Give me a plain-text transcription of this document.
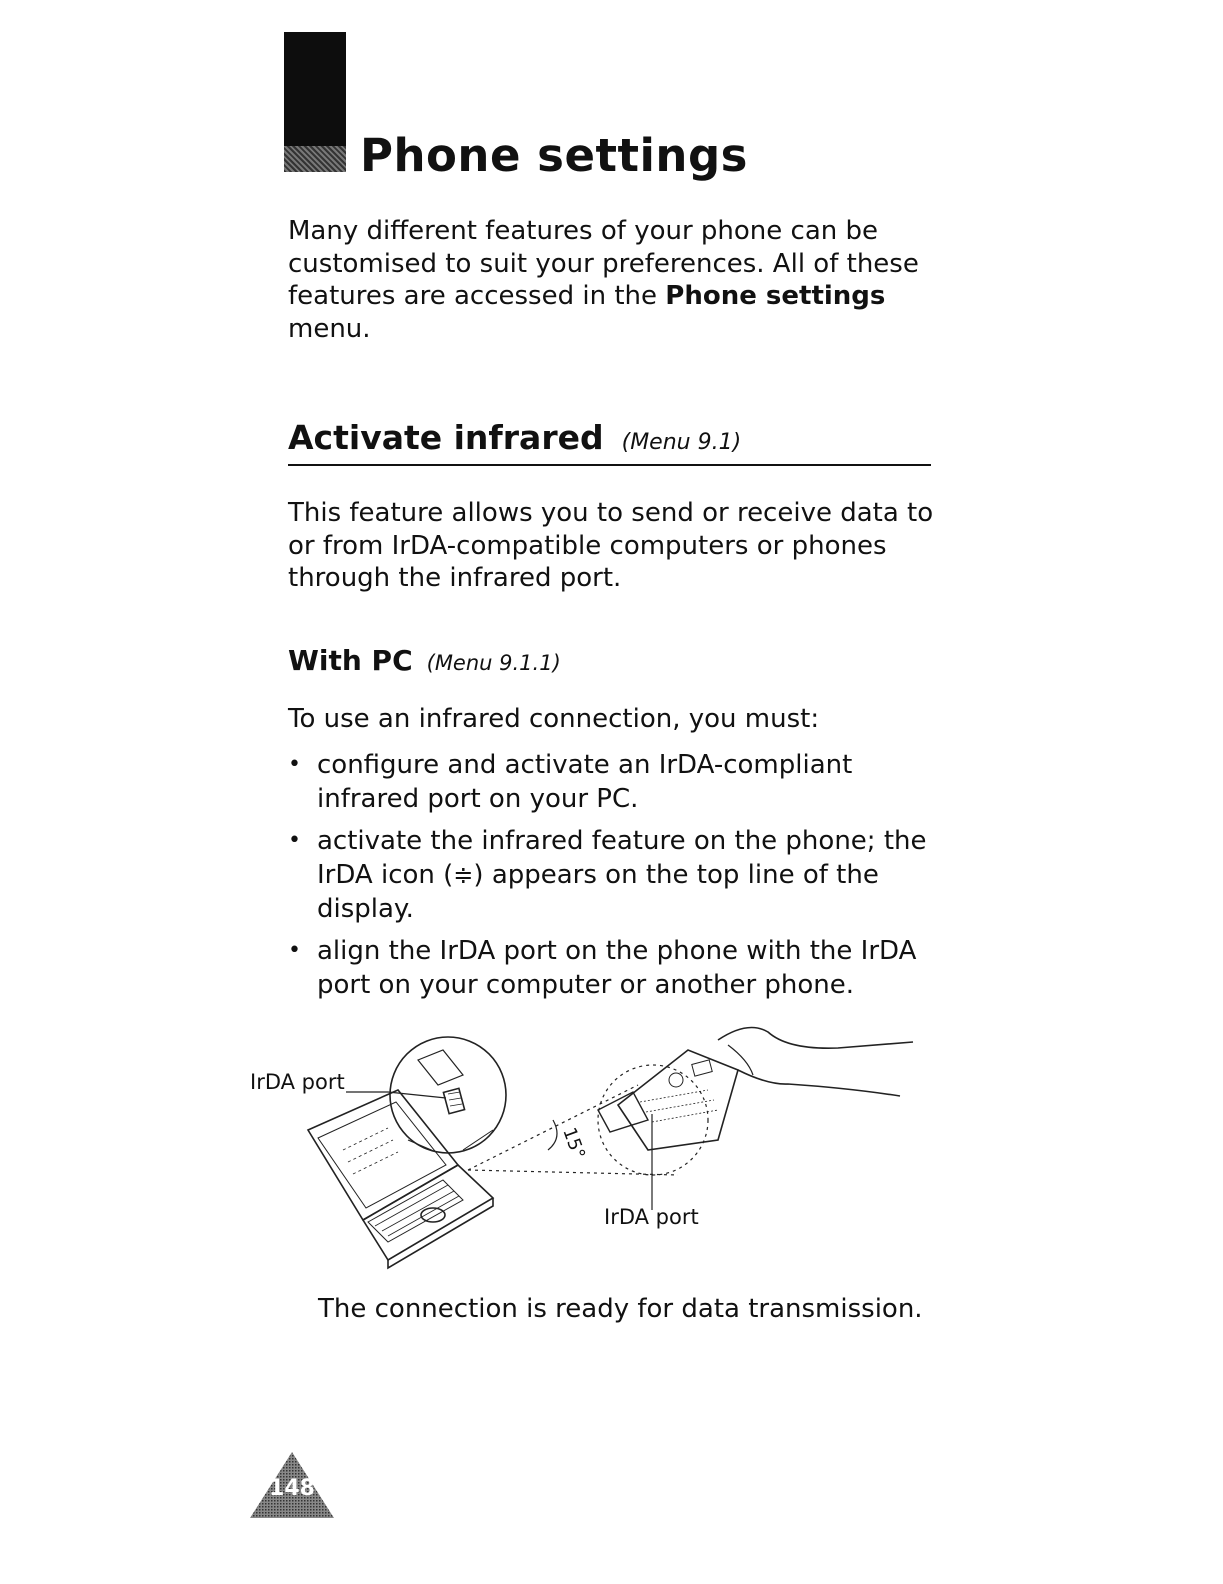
Phone settings

Many different features of your phone can be customised to suit your preferences. All of these features are accessed in the Phone settings menu.

Activate infrared (Menu 9.1)

This feature allows you to send or receive data to or from IrDA-compatible computers or phones through the infrared port.

With PC (Menu 9.1.1)

To use an infrared connection, you must:

• configure and activate an IrDA-compliant infrared port on your PC.
• activate the infrared feature on the phone; the IrDA icon (≑) appears on the top line of the display.
• align the IrDA port on the phone with the IrDA port on your computer or another phone.
15°
IrDA port
IrDA port

The connection is ready for data transmission.

148
